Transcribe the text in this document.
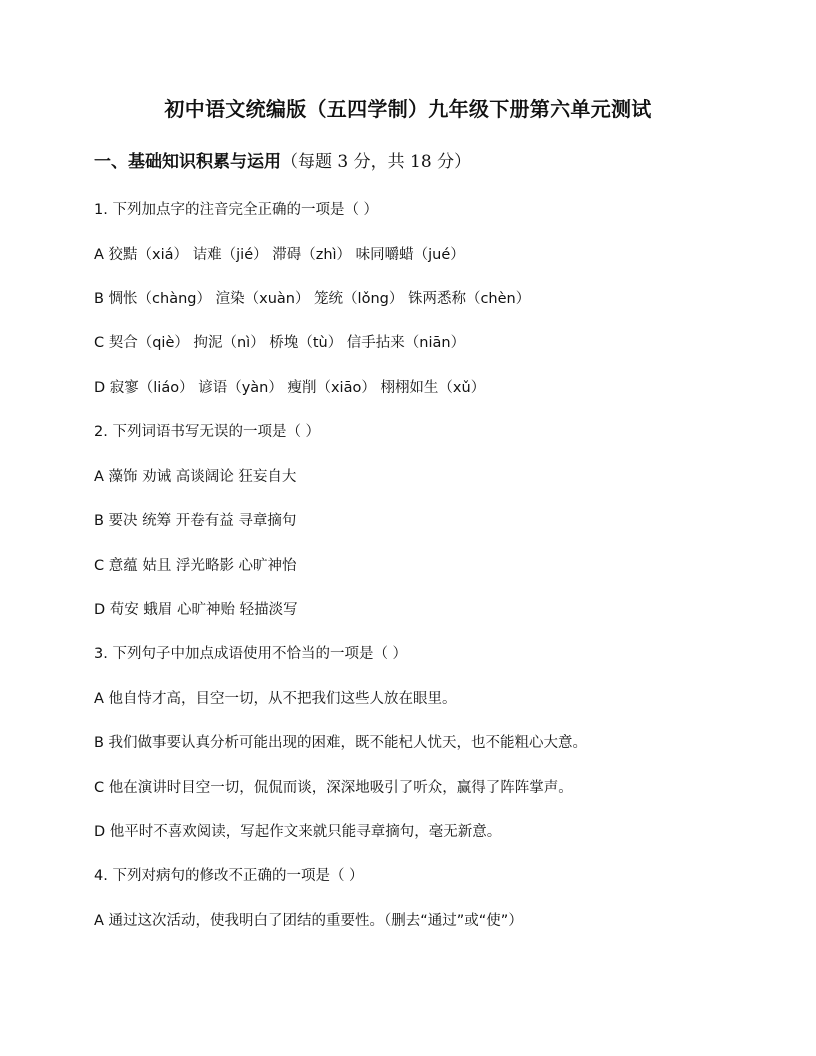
初中语文统编版（五四学制）九年级下册第六单元测试
一、基础知识积累与运用（每题 3 分，共 18 分）
1. 下列加点字的注音完全正确的一项是（ ）
A 狡黠（xiá） 诘难（jié） 滞碍（zhì） 味同嚼蜡（jué）
B 惆怅（chàng） 渲染（xuàn） 笼统（lǒng） 铢两悉称（chèn）
C 契合（qiè） 拘泥（nì） 桥堍（tù） 信手拈来（niān）
D 寂寥（liáo） 谚语（yàn） 瘦削（xiāo） 栩栩如生（xǔ）
2. 下列词语书写无误的一项是（ ）
A 藻饰 劝诫 高谈阔论 狂妄自大
B 要决 统筹 开卷有益 寻章摘句
C 意蕴 姑且 浮光略影 心旷神怡
D 苟安 蛾眉 心旷神贻 轻描淡写
3. 下列句子中加点成语使用不恰当的一项是（ ）
A 他自恃才高，目空一切，从不把我们这些人放在眼里。
B 我们做事要认真分析可能出现的困难，既不能杞人忧天，也不能粗心大意。
C 他在演讲时目空一切，侃侃而谈，深深地吸引了听众，赢得了阵阵掌声。
D 他平时不喜欢阅读，写起作文来就只能寻章摘句，毫无新意。
4. 下列对病句的修改不正确的一项是（ ）
A 通过这次活动，使我明白了团结的重要性。（删去“通过”或“使”）
